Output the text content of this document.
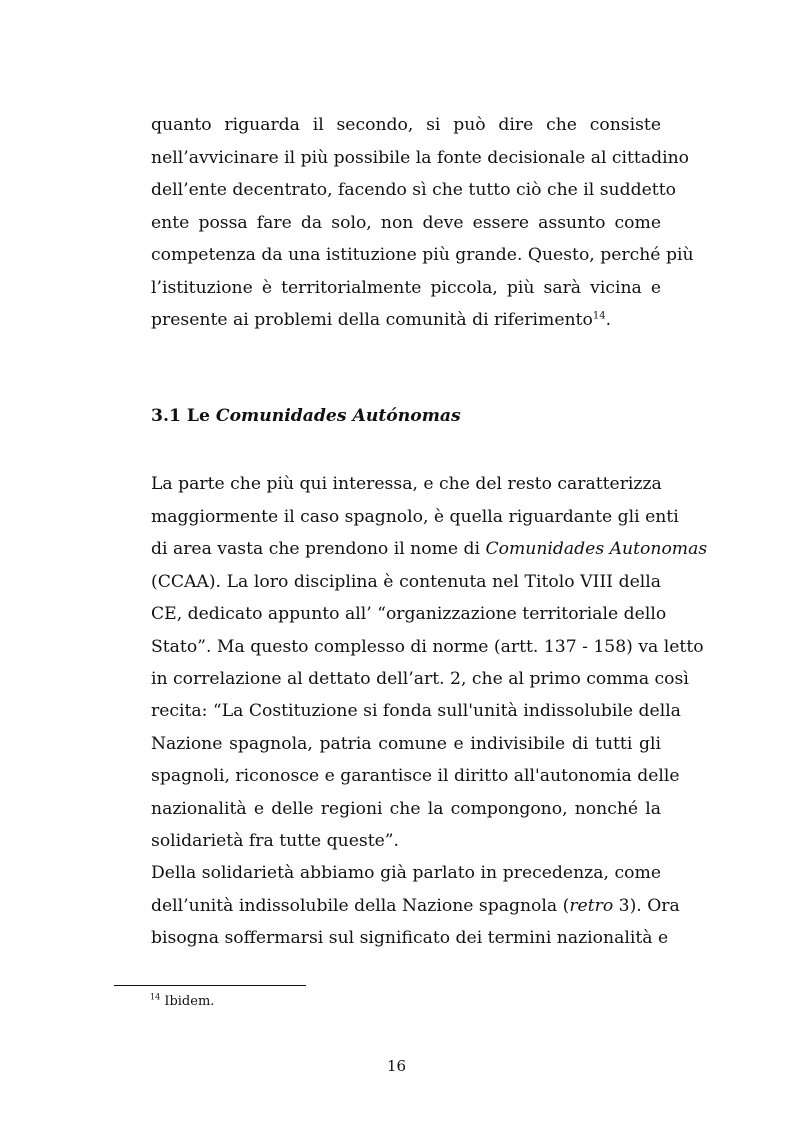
quanto riguarda il secondo, si può dire che consiste
nell’avvicinare il più possibile la fonte decisionale al cittadino
dell’ente decentrato, facendo sì che tutto ciò che il suddetto
ente possa fare da solo, non deve essere assunto come
competenza da una istituzione più grande. Questo, perché più
l’istituzione è territorialmente piccola, più sarà vicina e
presente ai problemi della comunità di riferimento$^{14}$.
3.1 Le Comunidades Autónomas
La parte che più qui interessa, e che del resto caratterizza
maggiormente il caso spagnolo, è quella riguardante gli enti
di area vasta che prendono il nome di Comunidades Autonomas
(CCAA). La loro disciplina è contenuta nel Titolo VIII della
CE, dedicato appunto all’ “organizzazione territoriale dello
Stato”. Ma questo complesso di norme (artt. 137 - 158) va letto
in correlazione al dettato dell’art. 2, che al primo comma così
recita: “La Costituzione si fonda sull'unità indissolubile della
Nazione spagnola, patria comune e indivisibile di tutti gli
spagnoli, riconosce e garantisce il diritto all'autonomia delle
nazionalità e delle regioni che la compongono, nonché la
solidarietà fra tutte queste”.
Della solidarietà abbiamo già parlato in precedenza, come
dell’unità indissolubile della Nazione spagnola (retro 3). Ora
bisogna soffermarsi sul significato dei termini nazionalità e
$^{14}$ Ibidem.
16
